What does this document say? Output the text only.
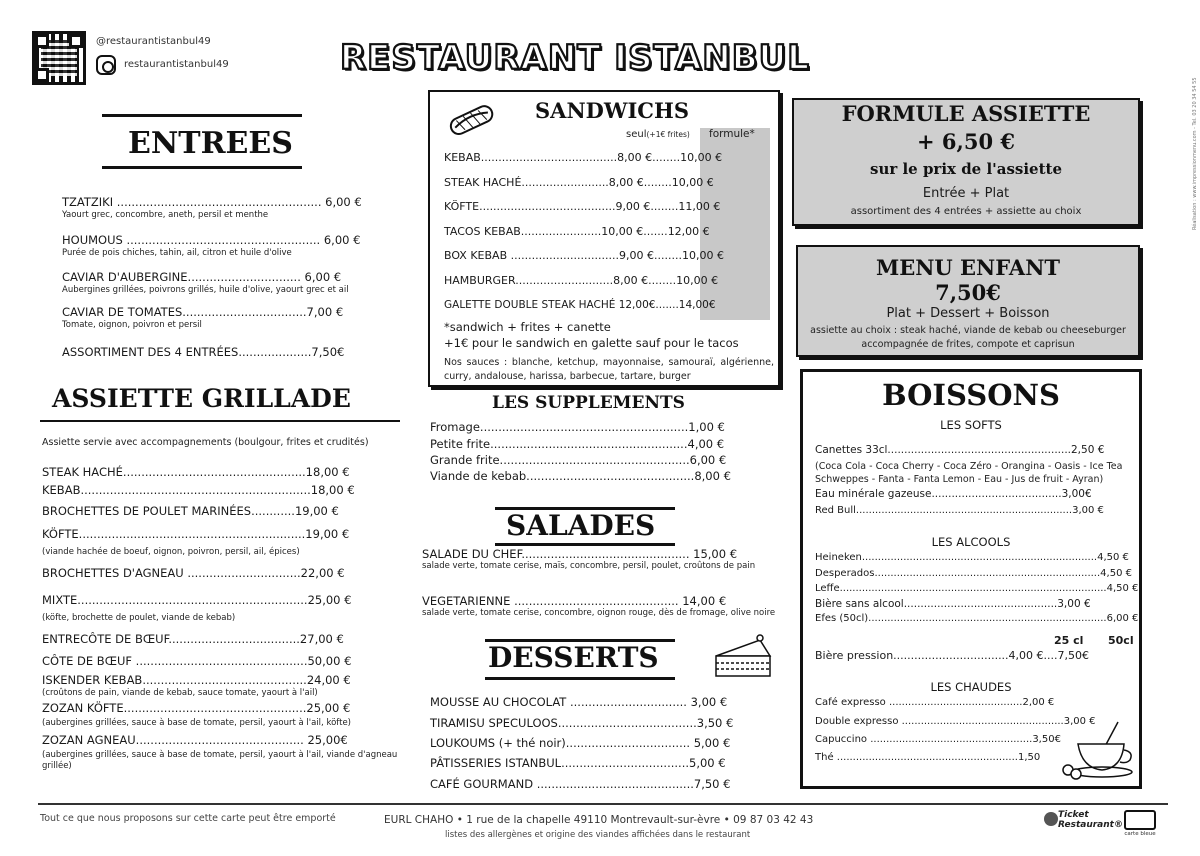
@restaurantistanbul49
restaurantistanbul49	RESTAURANT ISTANBUL
Réalisation : www.impressionmenu.com - Tel. 03 20 34 54 55
ENTREES
TZATZIKI ........................................................ 6,00 €
Yaourt grec, concombre, aneth, persil et menthe
HOUMOUS ..................................................... 6,00 €
Purée de pois chiches, tahin, ail, citron et huile d'olive
CAVIAR D'AUBERGINE............................... 6,00 €
Aubergines grillées, poivrons grillés, huile d'olive, yaourt grec et ail
CAVIAR DE TOMATES..................................7,00 €
Tomate, oignon, poivron et persil
ASSORTIMENT DES 4 ENTRÉES....................7,50€
ASSIETTE GRILLADE
Assiette servie avec accompagnements (boulgour, frites et crudités)
STEAK HACHÉ..................................................18,00 €
KEBAB...............................................................18,00 €
BROCHETTES DE POULET MARINÉES............19,00 €
KÖFTE..............................................................19,00 €
(viande hachée de boeuf, oignon, poivron, persil, ail, épices)
BROCHETTES D'AGNEAU ...............................22,00 €
MIXTE...............................................................25,00 €
(köfte, brochette de poulet, viande de kebab)
ENTRECÔTE DE BŒUF....................................27,00 €
CÔTE DE BŒUF ...............................................50,00 €
ISKENDER KEBAB.............................................24,00 €
(croûtons de pain, viande de kebab, sauce tomate, yaourt à l'ail)
ZOZAN KÖFTE..................................................25,00 €
(aubergines grillées, sauce à base de tomate, persil, yaourt à l'ail, köfte)
ZOZAN AGNEAU.............................................. 25,00€
(aubergines grillées, sauce à base de tomate, persil, yaourt à l'ail, viande d'agneau grillée)
SANDWICHS
seul(+1€ frites) formule*
KEBAB.......................................8,00 €........10,00 €
STEAK HACHÉ.........................8,00 €........10,00 €
KÖFTE.......................................9,00 €........11,00 €
TACOS KEBAB.......................10,00 €.......12,00 €
BOX KEBAB ...............................9,00 €........10,00 €
HAMBURGER............................8,00 €........10,00 €
GALETTE DOUBLE STEAK HACHÉ 12,00€.......14,00€
*sandwich + frites + canette
+1€ pour le sandwich en galette sauf pour le tacos
Nos sauces : blanche, ketchup, mayonnaise, samouraï, algérienne, curry, andalouse, harissa, barbecue, tartare, burger
LES SUPPLEMENTS
Fromage.........................................................1,00 €
Petite frite......................................................4,00 €
Grande frite....................................................6,00 €
Viande de kebab..............................................8,00 €
SALADES
SALADE DU CHEF.............................................. 15,00 €
salade verte, tomate cerise, maïs, concombre, persil, poulet, croûtons de pain
VEGETARIENNE ............................................. 14,00 €
salade verte, tomate cerise, concombre, oignon rouge, dès de fromage, olive noire
DESSERTS
MOUSSE AU CHOCOLAT ................................ 3,00 €
TIRAMISU SPECULOOS......................................3,50 €
LOUKOUMS (+ thé noir).................................. 5,00 €
PÂTISSERIES ISTANBUL...................................5,00 €
CAFÉ GOURMAND ...........................................7,50 €
FORMULE ASSIETTE
+ 6,50 €
sur le prix de l'assiette
Entrée + Plat
assortiment des 4 entrées + assiette au choix
MENU ENFANT
7,50€
Plat + Dessert + Boisson
assiette au choix : steak haché, viande de kebab ou cheeseburger
accompagnée de frites, compote et caprisun
BOISSONS
LES SOFTS
Canettes 33cl.......................................................2,50 €
(Coca Cola - Coca Cherry - Coca Zéro - Orangina - Oasis - Ice Tea
Schweppes - Fanta - Fanta Lemon - Eau - Jus de fruit - Ayran)
Eau minérale gazeuse.......................................3,00€
Red Bull....................................................................3,00 €
LES ALCOOLS
Heineken..........................................................................4,50 €
Desperados.......................................................................4,50 €
Leffe....................................................................................4,50 €
Bière sans alcool..............................................3,00 €
Efes (50cl)...........................................................................6,00 €
25 cl 50cl
Bière pression.................................4,00 €....7,50€
LES CHAUDES
Café expresso ..........................................2,00 €
Double expresso ...................................................3,00 €
Capuccino ...................................................3,50€
Thé .........................................................1,50
Tout ce que nous proposons sur cette carte peut être emporté	EURL CHAHO • 1 rue de la chapelle 49110 Montrevault-sur-èvre • 09 87 03 42 43
listes des allergènes et origine des viandes affichées dans le restaurant
Ticket Restaurant®
carte bleue
